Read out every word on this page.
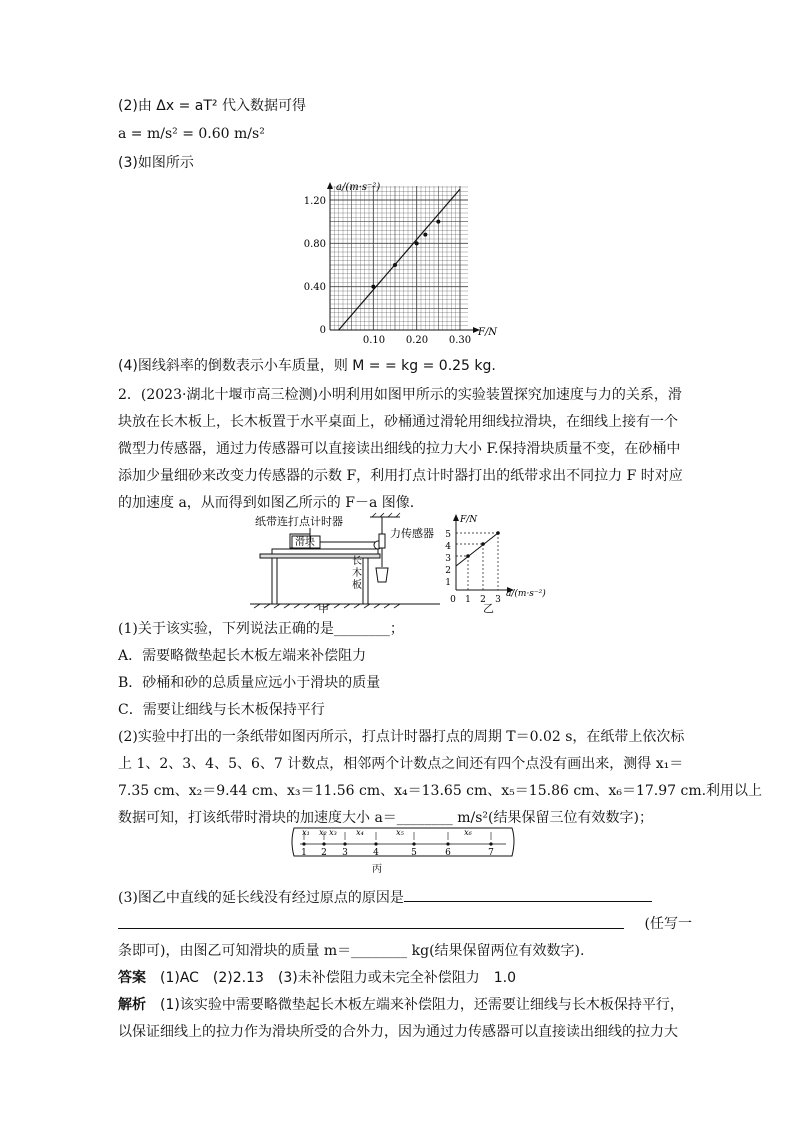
(2)由 Δx = aT² 代入数据可得
a = m/s² = 0.60 m/s²
(3)如图所示
a/(m·s⁻²)
F/N
1.20
0.80
0.40
0
0.10 0.20 0.30
(4)图线斜率的倒数表示小车质量，则 M = = kg = 0.25 kg.
2．(2023·湖北十堰市高三检测)小明利用如图甲所示的实验装置探究加速度与力的关系，滑
块放在长木板上，长木板置于水平桌面上，砂桶通过滑轮用细线拉滑块，在细线上接有一个
微型力传感器，通过力传感器可以直接读出细线的拉力大小 F.保持滑块质量不变，在砂桶中
添加少量细砂来改变力传感器的示数 F，利用打点计时器打出的纸带求出不同拉力 F 时对应
的加速度 a，从而得到如图乙所示的 F－a 图像.
纸带连打点计时器
滑块
力传感器
长
木
板
甲
F/N
a/(m·s⁻²)
5
4
3
2
1
0 1 2 3
乙
(1)关于该实验，下列说法正确的是________；
A．需要略微垫起长木板左端来补偿阻力
B．砂桶和砂的总质量应远小于滑块的质量
C．需要让细线与长木板保持平行
(2)实验中打出的一条纸带如图丙所示，打点计时器打点的周期 T＝0.02 s，在纸带上依次标
上 1、2、3、4、5、6、7 计数点，相邻两个计数点之间还有四个点没有画出来，测得 x₁＝
7.35 cm、x₂＝9.44 cm、x₃＝11.56 cm、x₄＝13.65 cm、x₅＝15.86 cm、x₆＝17.97 cm.利用以上
数据可知，打该纸带时滑块的加速度大小 a＝________ m/s²(结果保留三位有效数字)；
x₁ x₂ x₃ x₄	x₅	x₆
1 2 3	4	5	6	7
丙
(3)图乙中直线的延长线没有经过原点的原因是
(任写一
条即可)，由图乙可知滑块的质量 m＝________ kg(结果保留两位有效数字).
答案　 (1)AC　(2)2.13　(3)未补偿阻力或未完全补偿阻力　1.0
解析　 (1)该实验中需要略微垫起长木板左端来补偿阻力，还需要让细线与长木板保持平行，
以保证细线上的拉力作为滑块所受的合外力，因为通过力传感器可以直接读出细线的拉力大
